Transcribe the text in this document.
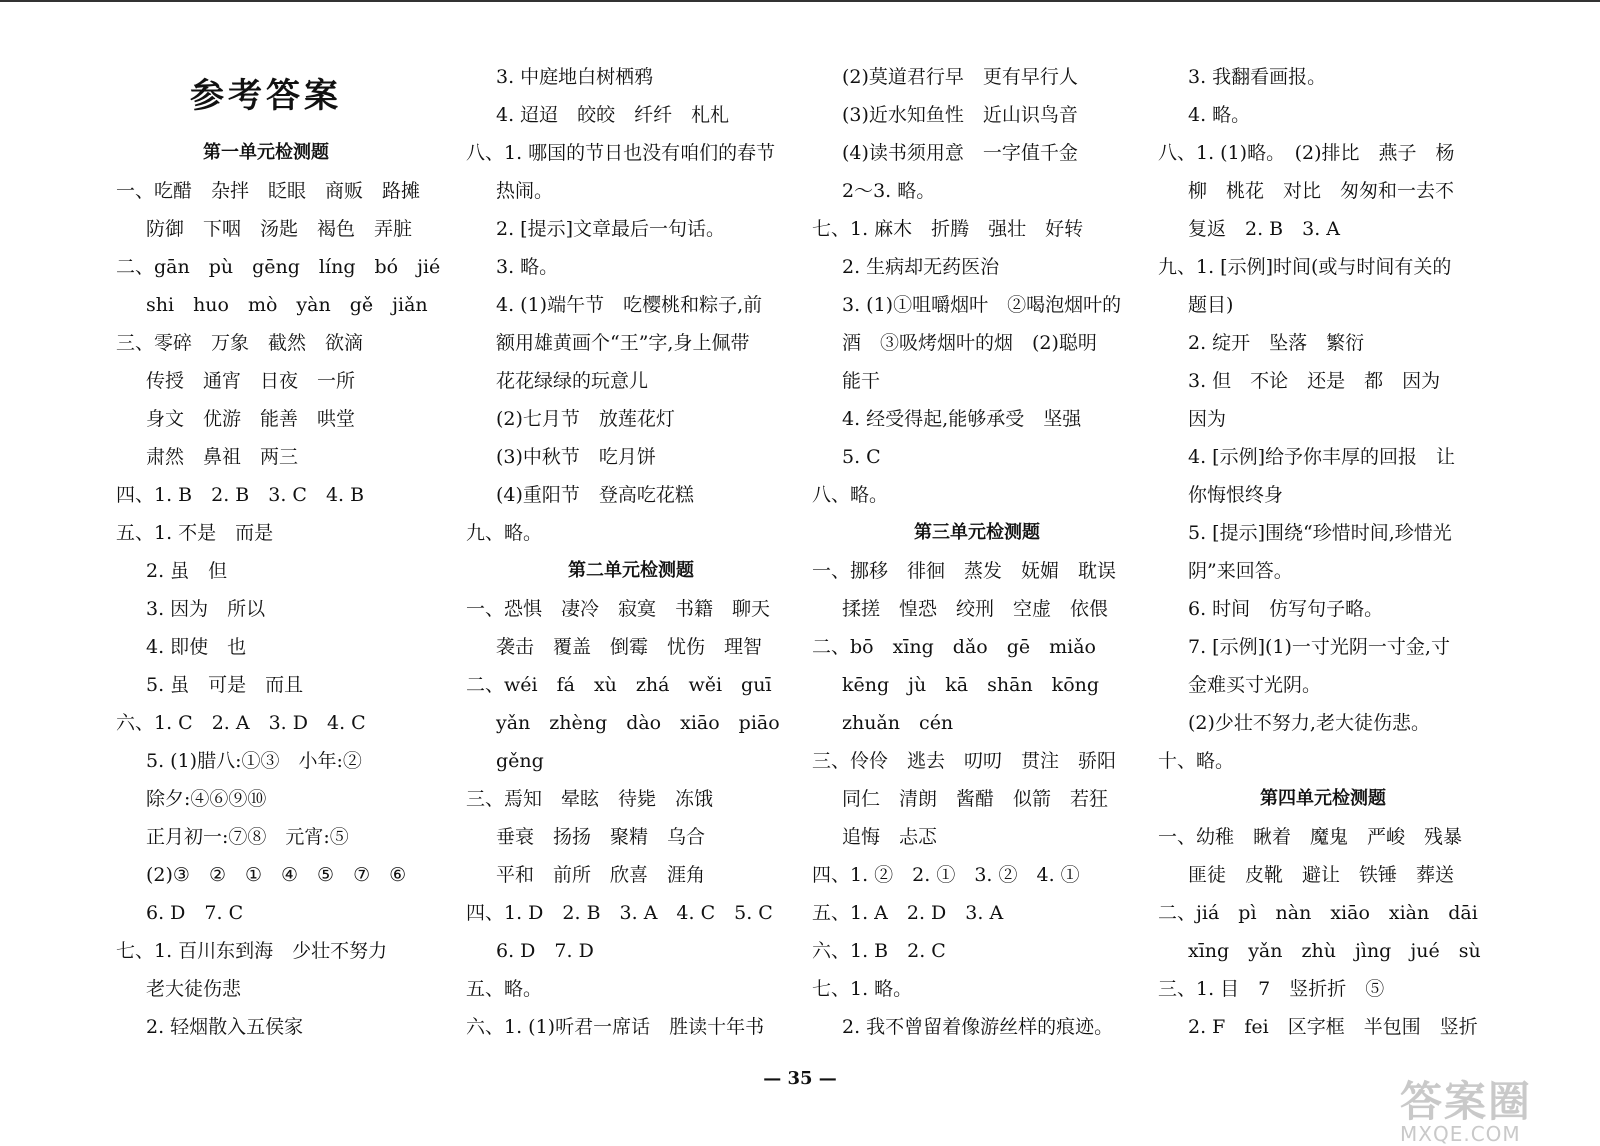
参考答案

第一单元检测题

一、吃醋　杂拌　眨眼　商贩　路摊

防御　下咽　汤匙　褐色　弄脏

二、gān　pù　gēng　líng　bó　jié

shi　huo　mò　yàn　gě　jiǎn

三、零碎　万象　截然　欲滴

传授　通宵　日夜　一所

身文　优游　能善　哄堂

肃然　鼻祖　两三

四、1. B　2. B　3. C　4. B

五、1. 不是　而是

2. 虽　但

3. 因为　所以

4. 即使　也

5. 虽　可是　而且

六、1. C　2. A　3. D　4. C

5. (1)腊八:①③　小年:②

除夕:④⑥⑨⑩

正月初一:⑦⑧　元宵:⑤

(2)③　②　①　④　⑤　⑦　⑥

6. D　7. C

七、1. 百川东到海　少壮不努力

老大徒伤悲

2. 轻烟散入五侯家

3. 中庭地白树栖鸦

4. 迢迢　皎皎　纤纤　札札

八、1. 哪国的节日也没有咱们的春节

热闹。

2. [提示]文章最后一句话。

3. 略。

4. (1)端午节　吃樱桃和粽子,前

额用雄黄画个“王”字,身上佩带

花花绿绿的玩意儿

(2)七月节　放莲花灯

(3)中秋节　吃月饼

(4)重阳节　登高吃花糕

九、略。

第二单元检测题

一、恐惧　凄冷　寂寞　书籍　聊天

袭击　覆盖　倒霉　忧伤　理智

二、wéi　fá　xù　zhá　wěi　guī

yǎn　zhèng　dào　xiāo　piāo

gěng

三、焉知　晕眩　待毙　冻饿

垂衰　扬扬　聚精　乌合

平和　前所　欣喜　涯角

四、1. D　2. B　3. A　4. C　5. C

6. D　7. D

五、略。

六、1. (1)听君一席话　胜读十年书

(2)莫道君行早　更有早行人

(3)近水知鱼性　近山识鸟音

(4)读书须用意　一字值千金

2～3. 略。

七、1. 麻木　折腾　强壮　好转

2. 生病却无药医治

3. (1)①咀嚼烟叶　②喝泡烟叶的

酒　③吸烤烟叶的烟　(2)聪明

能干

4. 经受得起,能够承受　坚强

5. C

八、略。

第三单元检测题

一、挪移　徘徊　蒸发　妩媚　耽误

揉搓　惶恐　绞刑　空虚　依偎

二、bō　xīng　dǎo　gē　miǎo

kēng　jù　kā　shān　kōng

zhuǎn　cén

三、伶伶　逃去　叨叨　贯注　骄阳

同仁　清朗　酱醋　似箭　若狂

追悔　忐忑

四、1. ②　2. ①　3. ②　4. ①

五、1. A　2. D　3. A

六、1. B　2. C

七、1. 略。

2. 我不曾留着像游丝样的痕迹。

3. 我翻看画报。

4. 略。

八、1. (1)略。　(2)排比　燕子　杨

柳　桃花　对比　匆匆和一去不

复返　2. B　3. A

九、1. [示例]时间(或与时间有关的

题目)

2. 绽开　坠落　繁衍

3. 但　不论　还是　都　因为

因为

4. [示例]给予你丰厚的回报　让

你悔恨终身

5. [提示]围绕“珍惜时间,珍惜光

阴”来回答。

6. 时间　仿写句子略。

7. [示例](1)一寸光阴一寸金,寸

金难买寸光阴。

(2)少壮不努力,老大徒伤悲。

十、略。

第四单元检测题

一、幼稚　瞅着　魔鬼　严峻　残暴

匪徒　皮靴　避让　铁锤　葬送

二、jiá　pì　nàn　xiāo　xiàn　dāi

xīng　yǎn　zhù　jìng　jué　sù

三、1. 目　7　竖折折　⑤

2. F　fei　区字框　半包围　竖折

— 35 —	答案圈
MXQE.COM
